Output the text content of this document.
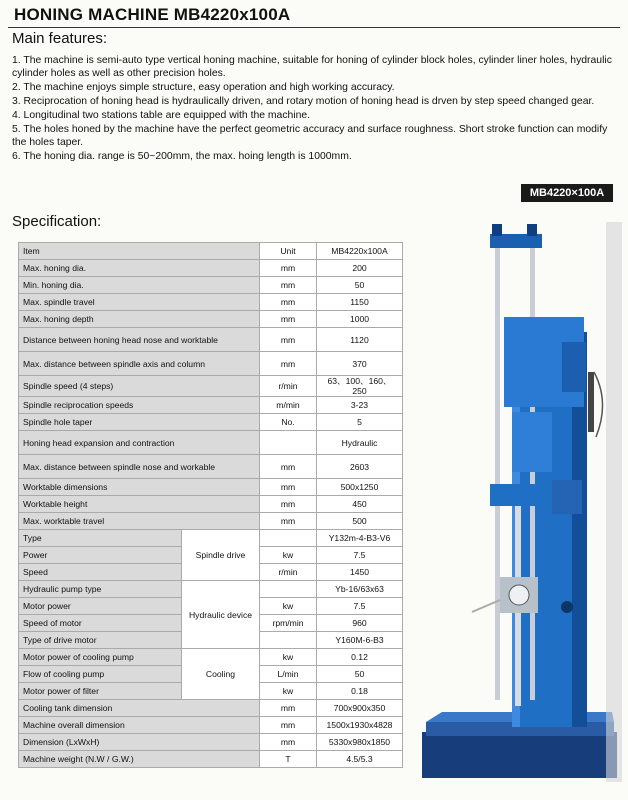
HONING MACHINE MB4220x100A
Main features:
1. The machine is semi-auto type vertical honing machine, suitable for honing of cylinder block holes, cylinder liner holes, hydraulic cylinder holes as well as other precision holes.
2. The machine enjoys simple structure, easy operation and high working accuracy.
3. Reciprocation of honing head is hydraulically driven, and rotary motion of honing head is drven by step speed changed gear.
4. Longitudinal two stations table are equipped with the machine.
5. The holes honed by the machine have the perfect geometric accuracy and surface roughness. Short stroke function can modify the holes taper.
6. The honing dia. range is 50~200mm, the max. hoing length is 1000mm.
MB4220×100A
Specification:
Item		Unit	MB4220x100A
Max. honing dia.		mm	200
Min. honing dia.		mm	50
Max. spindle travel		mm	1150
Max. honing depth		mm	1000
Distance between honing head nose and worktable		mm	1120
Max. distance between spindle axis and column		mm	370
Spindle speed (4 steps)		r/min	63、100、160、250
Spindle reciprocation speeds		m/min	3-23
Spindle hole taper		No.	5
Honing head expansion and contraction			Hydraulic
Max. distance between spindle nose and workable		mm	2603
Worktable dimensions		mm	500x1250
Worktable height		mm	450
Max. worktable travel		mm	500
Type	Spindle drive		Y132m-4-B3-V6
Power		kw	7.5
Speed		r/min	1450
Hydraulic pump type	Hydraulic device		Yb-16/63x63
Motor power		kw	7.5
Speed of motor		rpm/min	960
Type of drive motor			Y160M-6-B3
Motor power of cooling pump	Cooling	kw	0.12
Flow of cooling pump		L/min	50
Motor power of filter		kw	0.18
Cooling tank dimension		mm	700x900x350
Machine overall dimension		mm	1500x1930x4828
Dimension (LxWxH)		mm	5330x980x1850
Machine weight (N.W / G.W.)		T	4.5/5.3
